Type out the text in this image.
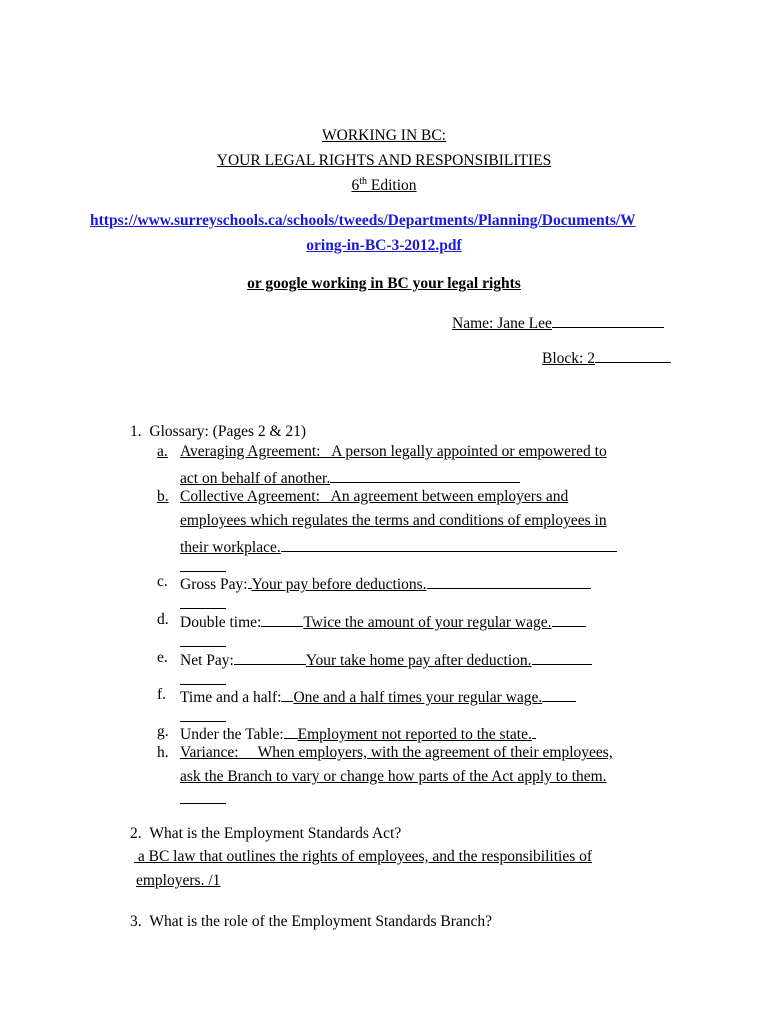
WORKING IN BC:
YOUR LEGAL RIGHTS AND RESPONSIBILITIES
6th Edition
https://www.surreyschools.ca/schools/tweeds/Departments/Planning/Documents/W
oring-in-BC-3-2012.pdf
or google working in BC your legal rights
Name: Jane Lee
Block: 2
1. Glossary: (Pages 2 & 21)
a. Averaging Agreement:   A person legally appointed or empowered to
act on behalf of another.
b. Collective Agreement:   An agreement between employers and
employees which regulates the terms and conditions of employees in
their workplace.
c. Gross Pay: Your pay before deductions.
d. Double time:	Twice the amount of your regular wage.
e. Net Pay:	Your take home pay after deduction.
f. Time and a half: One and a half times your regular wage.
g. Under the Table: Employment not reported to the state.
h. Variance:     When employers, with the agreement of their employees,
ask the Branch to vary or change how parts of the Act apply to them.
2. What is the Employment Standards Act?
a BC law that outlines the rights of employees, and the responsibilities of
employers. /1
3. What is the role of the Employment Standards Branch?
